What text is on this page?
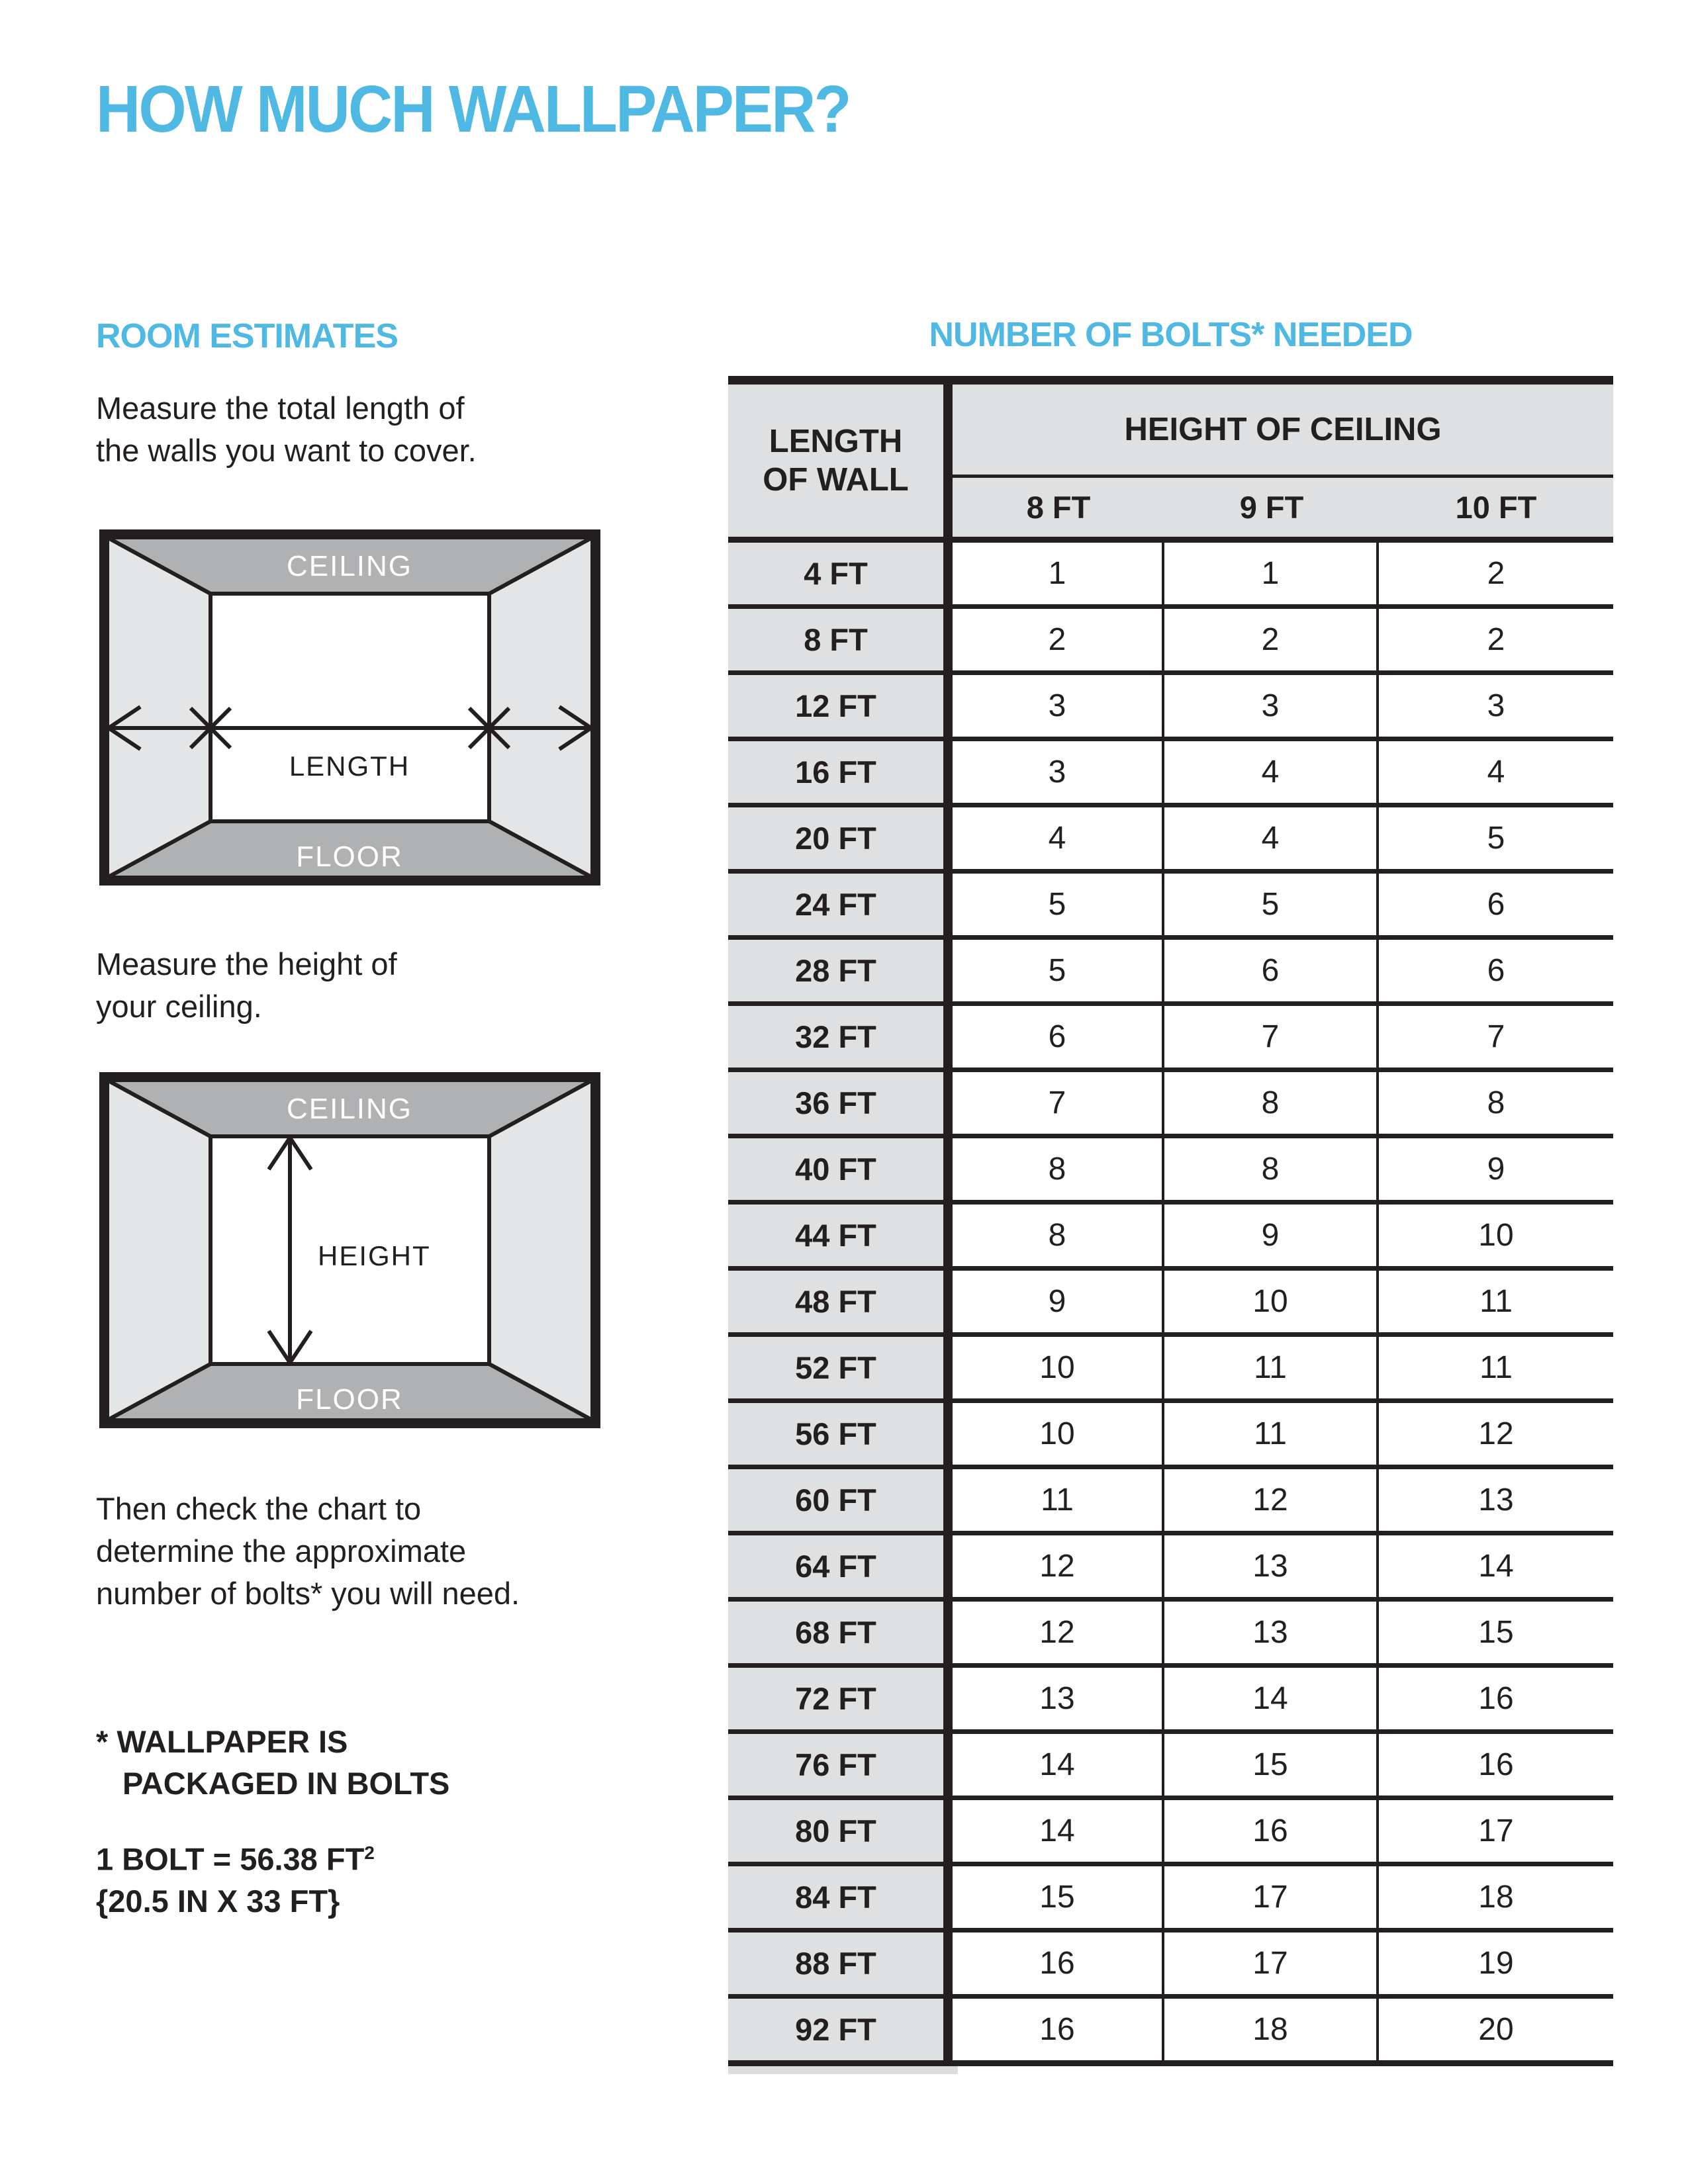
HOW MUCH WALLPAPER?
ROOM ESTIMATES
Measure the total length of
the walls you want to cover.
CEILING
FLOOR
LENGTH
Measure the height of
your ceiling.
CEILING
FLOOR
HEIGHT
Then check the chart to
determine the approximate
number of bolts* you will need.
* WALLPAPER IS
PACKAGED IN BOLTS
1 BOLT = 56.38 $FT^2$
{20.5 IN X 33 FT}
NUMBER OF BOLTS* NEEDED
LENGTH
OF WALL
HEIGHT OF CEILING
8 FT	9 FT	10 FT
4 FT	1	1	2
8 FT	2	2	2
12 FT	3	3	3
16 FT	3	4	4
20 FT	4	4	5
24 FT	5	5	6
28 FT	5	6	6
32 FT	6	7	7
36 FT	7	8	8
40 FT	8	8	9
44 FT	8	9	10
48 FT	9	10	11
52 FT	10	11	11
56 FT	10	11	12
60 FT	11	12	13
64 FT	12	13	14
68 FT	12	13	15
72 FT	13	14	16
76 FT	14	15	16
80 FT	14	16	17
84 FT	15	17	18
88 FT	16	17	19
92 FT	16	18	20
